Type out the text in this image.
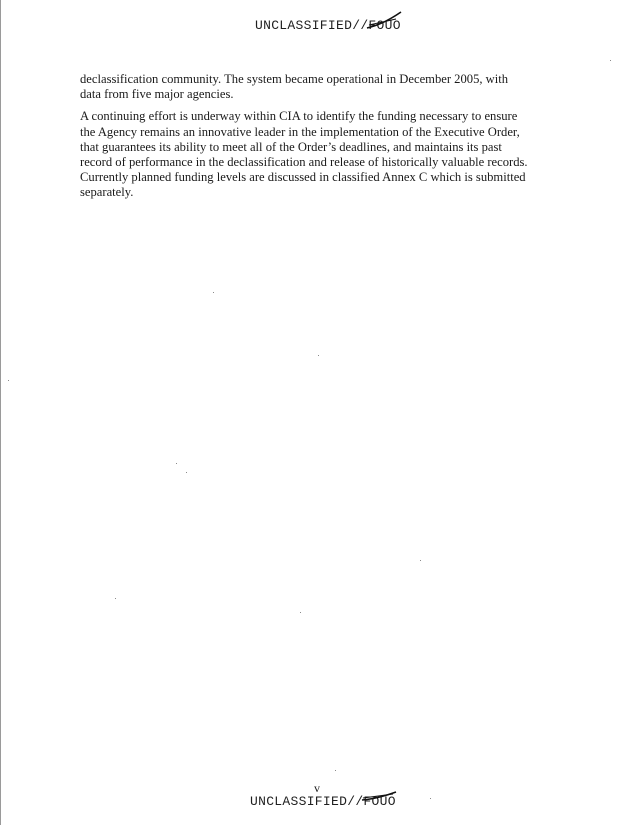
UNCLASSIFIED//FOUO

declassification community. The system became operational in December 2005, with
data from five major agencies.

A continuing effort is underway within CIA to identify the funding necessary to ensure
the Agency remains an innovative leader in the implementation of the Executive Order,
that guarantees its ability to meet all of the Order’s deadlines, and maintains its past
record of performance in the declassification and release of historically valuable records.
Currently planned funding levels are discussed in classified Annex C which is submitted
separately.

v
UNCLASSIFIED//FOUO
